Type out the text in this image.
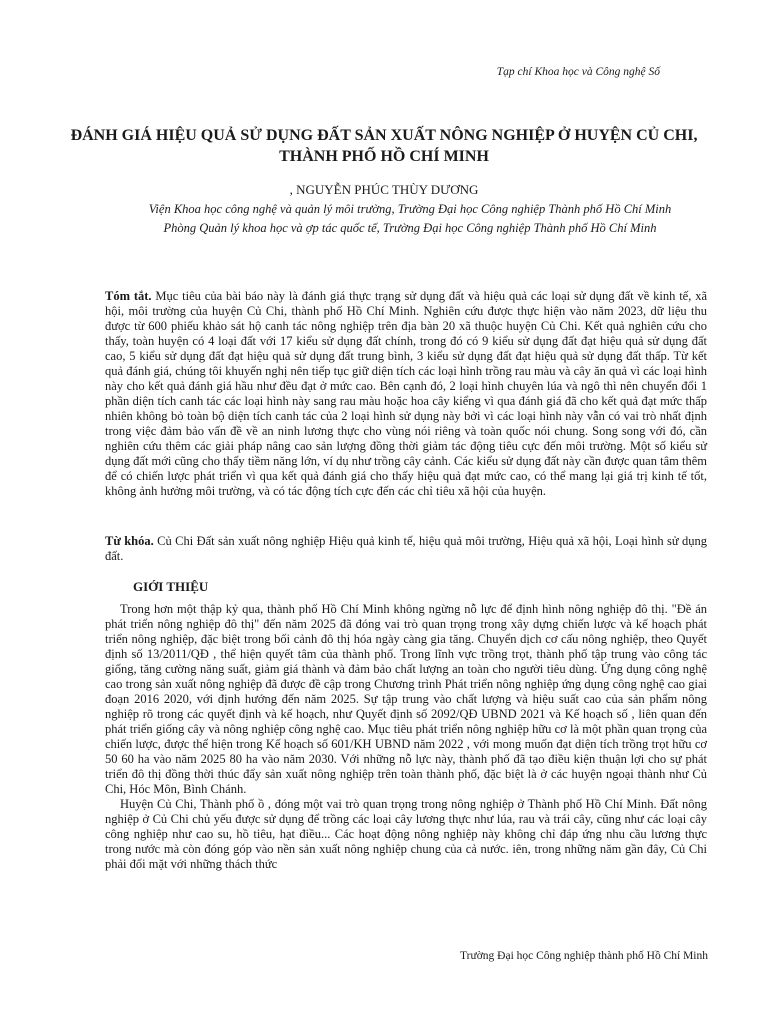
Tạp chí Khoa học và Công nghệ Số
ĐÁNH GIÁ HIỆU QUẢ SỬ DỤNG ĐẤT SẢN XUẤT NÔNG NGHIỆP Ở HUYỆN CỦ CHI, THÀNH PHỐ HỒ CHÍ MINH
, NGUYỄN PHÚC THÙY DƯƠNG
Viện Khoa học công nghệ và quản lý môi trường, Trường Đại học Công nghiệp Thành phố Hồ Chí Minh
Phòng Quản lý khoa học và ợp tác quốc tế, Trường Đại học Công nghiệp Thành phố Hồ Chí Minh

Tóm tắt. Mục tiêu của bài báo này là đánh giá thực trạng sử dụng đất và hiệu quả các loại sử dụng đất về kinh tế, xã hội, môi trường của huyện Củ Chi, thành phố Hồ Chí Minh. Nghiên cứu được thực hiện vào năm 2023, dữ liệu thu được từ 600 phiếu khảo sát hộ canh tác nông nghiệp trên địa bàn 20 xã thuộc huyện Củ Chi. Kết quả nghiên cứu cho thấy, toàn huyện có 4 loại đất với 17 kiểu sử dụng đất chính, trong đó có 9 kiểu sử dụng đất đạt hiệu quả sử dụng đất cao, 5 kiểu sử dụng đất đạt hiệu quả sử dụng đất trung bình, 3 kiểu sử dụng đất đạt hiệu quả sử dụng đất thấp. Từ kết quả đánh giá, chúng tôi khuyến nghị nên tiếp tục giữ diện tích các loại hình trồng rau màu và cây ăn quả vì các loại hình này cho kết quả đánh giá hầu như đều đạt ở mức cao. Bên cạnh đó, 2 loại hình chuyên lúa và ngô thì nên chuyển đổi 1 phần diện tích canh tác các loại hình này sang rau màu hoặc hoa cây kiểng vì qua đánh giá đã cho kết quả đạt mức thấp nhiên không bỏ toàn bộ diện tích canh tác của 2 loại hình sử dụng này bởi vì các loại hình này vẫn có vai trò nhất định trong việc đảm bảo vấn đề về an ninh lương thực cho vùng nói riêng và toàn quốc nói chung. Song song với đó, cần nghiên cứu thêm các giải pháp nâng cao sản lượng đồng thời giảm tác động tiêu cực đến môi trường. Một số kiểu sử dụng đất mới cũng cho thấy tiềm năng lớn, ví dụ như trồng cây cảnh. Các kiểu sử dụng đất này cần được quan tâm thêm để có chiến lược phát triển vì qua kết quả đánh giá cho thấy hiệu quả đạt mức cao, có thể mang lại giá trị kinh tế tốt, không ảnh hưởng môi trường, và có tác động tích cực đến các chỉ tiêu xã hội của huyện.

Từ khóa. Củ Chi Đất sản xuất nông nghiệp Hiệu quả kinh tế, hiệu quả môi trường, Hiệu quả xã hội, Loại hình sử dụng đất.

GIỚI THIỆU

Trong hơn một thập kỷ qua, thành phố Hồ Chí Minh không ngừng nỗ lực để định hình nông nghiệp đô thị. "Đề án phát triển nông nghiệp đô thị" đến năm 2025 đã đóng vai trò quan trọng trong xây dựng chiến lược và kế hoạch phát triển nông nghiệp, đặc biệt trong bối cảnh đô thị hóa ngày càng gia tăng. Chuyển dịch cơ cấu nông nghiệp, theo Quyết định số 13/2011/QĐ , thể hiện quyết tâm của thành phố. Trong lĩnh vực trồng trọt, thành phố tập trung vào công tác giống, tăng cường năng suất, giảm giá thành và đảm bảo chất lượng an toàn cho người tiêu dùng. Ứng dụng công nghệ cao trong sản xuất nông nghiệp đã được đề cập trong Chương trình Phát triển nông nghiệp ứng dụng công nghệ cao giai đoạn 2016 2020, với định hướng đến năm 2025. Sự tập trung vào chất lượng và hiệu suất cao của sản phẩm nông nghiệp rõ trong các quyết định và kế hoạch, như Quyết định số 2092/QĐ UBND 2021 và Kế hoạch số , liên quan đến phát triển giống cây và nông nghiệp công nghệ cao. Mục tiêu phát triển nông nghiệp hữu cơ là một phần quan trọng của chiến lược, được thể hiện trong Kế hoạch số 601/KH UBND năm 2022 , với mong muốn đạt diện tích trồng trọt hữu cơ 50 60 ha vào năm 2025 80 ha vào năm 2030. Với những nỗ lực này, thành phố đã tạo điều kiện thuận lợi cho sự phát triển đô thị đồng thời thúc đẩy sản xuất nông nghiệp trên toàn thành phố, đặc biệt là ở các huyện ngoại thành như Củ Chi, Hóc Môn, Bình Chánh.

Huyện Củ Chi, Thành phố ồ , đóng một vai trò quan trọng trong nông nghiệp ở Thành phố Hồ Chí Minh. Đất nông nghiệp ở Củ Chi chủ yếu được sử dụng để trồng các loại cây lương thực như lúa, rau và trái cây, cũng như các loại cây công nghiệp như cao su, hồ tiêu, hạt điều... Các hoạt động nông nghiệp này không chỉ đáp ứng nhu cầu lương thực trong nước mà còn đóng góp vào nền sản xuất nông nghiệp chung của cả nước. iên, trong những năm gần đây, Củ Chi phải đối mặt với những thách thức

Trường Đại học Công nghiệp thành phố Hồ Chí Minh
